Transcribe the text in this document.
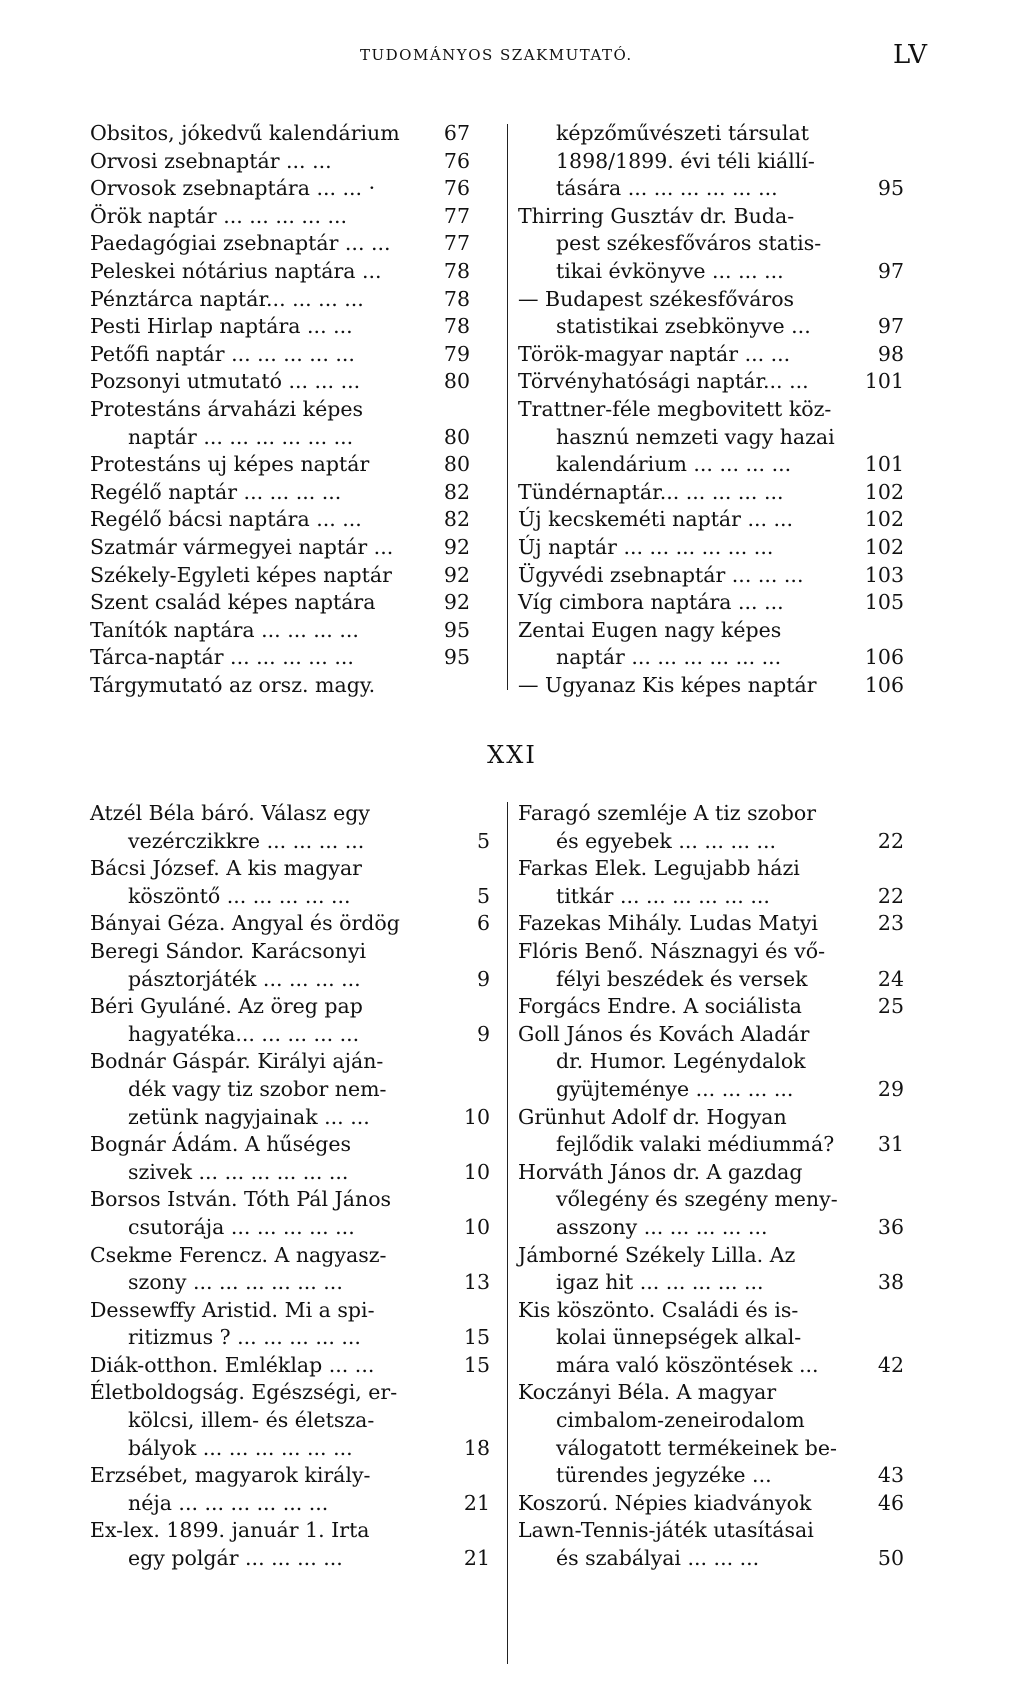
TUDOMÁNYOS SZAKMUTATÓ.	LV
Obsitos, jókedvű kalendárium	67
Orvosi zsebnaptár ... ...	76
Orvosok zsebnaptára ... ... ·	76
Örök naptár ... ... ... ... ...	77
Paedagógiai zsebnaptár ... ...	77
Peleskei nótárius naptára ...	78
Pénztárca naptár... ... ... ...	78
Pesti Hirlap naptára ... ...	78
Petőfi naptár ... ... ... ... ...	79
Pozsonyi utmutató ... ... ...	80
Protestáns árvaházi képes
naptár ... ... ... ... ... ...	80
Protestáns uj képes naptár	80
Regélő naptár ... ... ... ...	82
Regélő bácsi naptára ... ...	82
Szatmár vármegyei naptár ...	92
Székely-Egyleti képes naptár	92
Szent család képes naptára	92
Tanítók naptára ... ... ... ...	95
Tárca-naptár ... ... ... ... ...	95
Tárgymutató az orsz. magy.
képzőművészeti társulat
1898/1899. évi téli kiállí-
tására ... ... ... ... ... ...	95
Thirring Gusztáv dr. Buda-
pest székesfőváros statis-
tikai évkönyve ... ... ...	97
— Budapest székesfőváros
statistikai zsebkönyve ...	97
Török-magyar naptár ... ...	98
Törvényhatósági naptár... ...	101
Trattner-féle megbovitett köz-
hasznú nemzeti vagy hazai
kalendárium ... ... ... ...	101
Tündérnaptár... ... ... ... ...	102
Új kecskeméti naptár ... ...	102
Új naptár ... ... ... ... ... ...	102
Ügyvédi zsebnaptár ... ... ...	103
Víg cimbora naptára ... ...	105
Zentai Eugen nagy képes
naptár ... ... ... ... ... ...	106
— Ugyanaz Kis képes naptár	106
XXI
Atzél Béla báró. Válasz egy
vezérczikkre ... ... ... ...	5
Bácsi József. A kis magyar
köszöntő ... ... ... ... ...	5
Bányai Géza. Angyal és ördög	6
Beregi Sándor. Karácsonyi
pásztorjáték ... ... ... ...	9
Béri Gyuláné. Az öreg pap
hagyatéka... ... ... ... ...	9
Bodnár Gáspár. Királyi aján-
dék vagy tiz szobor nem-
zetünk nagyjainak ... ...	10
Bognár Ádám. A hűséges
szivek ... ... ... ... ... ...	10
Borsos István. Tóth Pál János
csutorája ... ... ... ... ...	10
Csekme Ferencz. A nagyasz-
szony ... ... ... ... ... ...	13
Dessewffy Aristid. Mi a spi-
ritizmus ? ... ... ... ... ...	15
Diák-otthon. Emléklap ... ...	15
Életboldogság. Egészségi, er-
kölcsi, illem- és életsza-
bályok ... ... ... ... ... ...	18
Erzsébet, magyarok király-
néja ... ... ... ... ... ...	21
Ex-lex. 1899. január 1. Irta
egy polgár ... ... ... ...	21
Faragó szemléje A tiz szobor
és egyebek ... ... ... ...	22
Farkas Elek. Legujabb házi
titkár ... ... ... ... ... ...	22
Fazekas Mihály. Ludas Matyi	23
Flóris Benő. Násznagyi és vő-
félyi beszédek és versek	24
Forgács Endre. A sociálista	25
Goll János és Kovách Aladár
dr. Humor. Legénydalok
gyüjteménye ... ... ... ...	29
Grünhut Adolf dr. Hogyan
fejlődik valaki médiummá?	31
Horváth János dr. A gazdag
vőlegény és szegény meny-
asszony ... ... ... ... ...	36
Jámborné Székely Lilla. Az
igaz hit ... ... ... ... ...	38
Kis köszönto. Családi és is-
kolai ünnepségek alkal-
mára való köszöntések ...	42
Koczányi Béla. A magyar
cimbalom-zeneirodalom
válogatott termékeinek be-
türendes jegyzéke ...	43
Koszorú. Népies kiadványok	46
Lawn-Tennis-játék utasításai
és szabályai ... ... ...	50
